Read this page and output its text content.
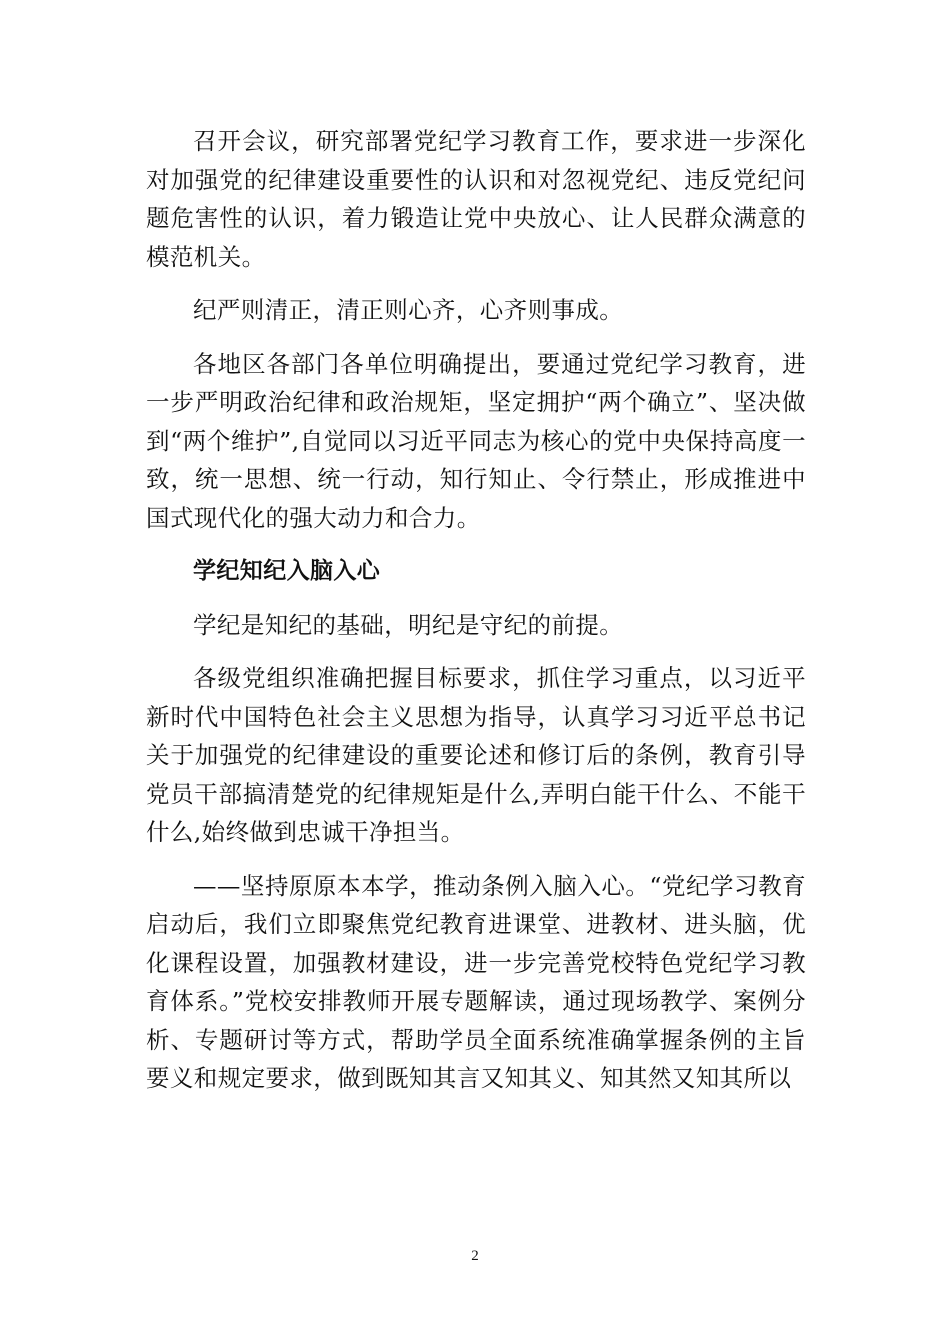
召开会议，研究部署党纪学习教育工作，要求进一步深化对加强党的纪律建设重要性的认识和对忽视党纪、违反党纪问题危害性的认识，着力锻造让党中央放心、让人民群众满意的模范机关。

纪严则清正，清正则心齐，心齐则事成。

各地区各部门各单位明确提出，要通过党纪学习教育，进一步严明政治纪律和政治规矩，坚定拥护“两个确立”、坚决做到“两个维护”,自觉同以习近平同志为核心的党中央保持高度一致，统一思想、统一行动，知行知止、令行禁止，形成推进中国式现代化的强大动力和合力。

学纪知纪入脑入心

学纪是知纪的基础，明纪是守纪的前提。

各级党组织准确把握目标要求，抓住学习重点，以习近平新时代中国特色社会主义思想为指导，认真学习习近平总书记关于加强党的纪律建设的重要论述和修订后的条例，教育引导党员干部搞清楚党的纪律规矩是什么,弄明白能干什么、不能干什么,始终做到忠诚干净担当。

——坚持原原本本学，推动条例入脑入心。“党纪学习教育启动后，我们立即聚焦党纪教育进课堂、进教材、进头脑，优化课程设置，加强教材建设，进一步完善党校特色党纪学习教育体系。”党校安排教师开展专题解读，通过现场教学、案例分析、专题研讨等方式，帮助学员全面系统准确掌握条例的主旨要义和规定要求，做到既知其言又知其义、知其然又知其所以

2
